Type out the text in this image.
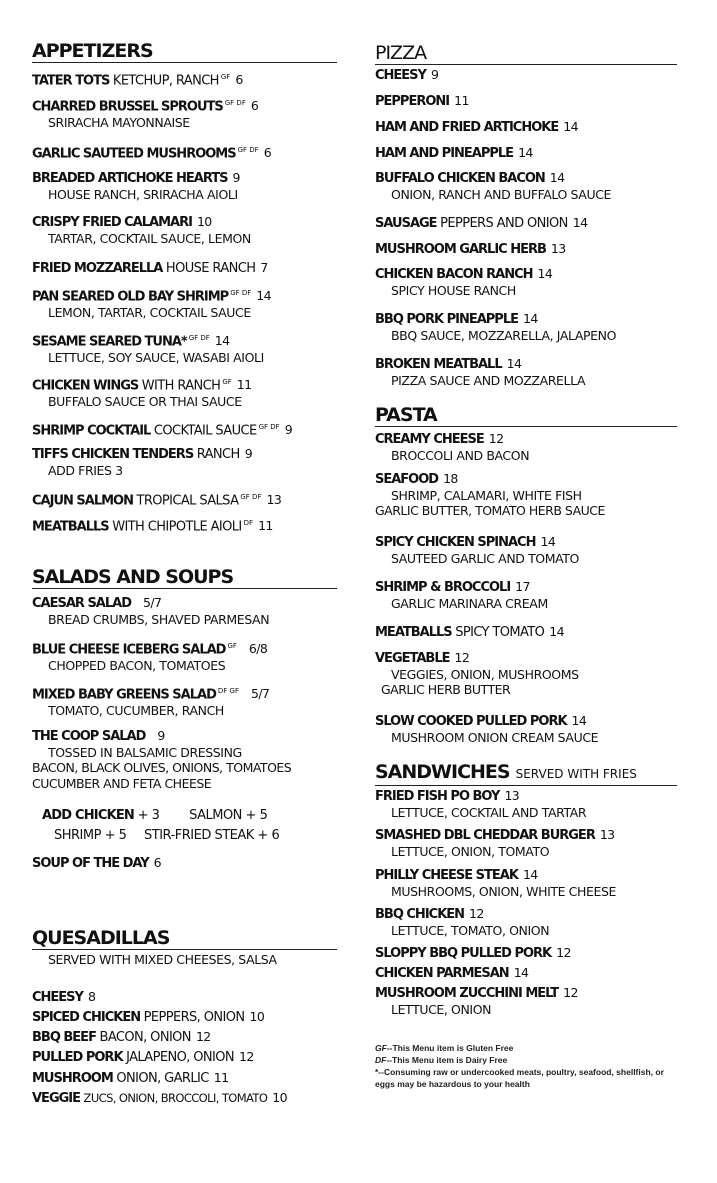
APPETIZERS
TATER TOTS KETCHUP, RANCH $^{GF}$ 6
CHARRED BRUSSEL SPROUTS $^{GF DF}$ 6
SRIRACHA MAYONNAISE
GARLIC SAUTEED MUSHROOMS $^{GF DF}$ 6
BREADED ARTICHOKE HEARTS 9
HOUSE RANCH, SRIRACHA AIOLI
CRISPY FRIED CALAMARI 10
TARTAR, COCKTAIL SAUCE, LEMON
FRIED MOZZARELLA HOUSE RANCH 7
PAN SEARED OLD BAY SHRIMP $^{GF DF}$ 14
LEMON, TARTAR, COCKTAIL SAUCE
SESAME SEARED TUNA* $^{GF DF}$ 14
LETTUCE, SOY SAUCE, WASABI AIOLI
CHICKEN WINGS WITH RANCH $^{GF}$ 11
BUFFALO SAUCE OR THAI SAUCE
SHRIMP COCKTAIL COCKTAIL SAUCE $^{GF DF}$ 9
TIFFS CHICKEN TENDERS RANCH 9
ADD FRIES 3
CAJUN SALMON TROPICAL SALSA $^{GF DF}$ 13
MEATBALLS WITH CHIPOTLE AIOLI $^{DF}$ 11
SALADS AND SOUPS
CAESAR SALAD 5/7
BREAD CRUMBS, SHAVED PARMESAN
BLUE CHEESE ICEBERG SALAD $^{GF}$ 6/8
CHOPPED BACON, TOMATOES
MIXED BABY GREENS SALAD $^{DF GF}$ 5/7
TOMATO, CUCUMBER, RANCH
THE COOP SALAD 9
TOSSED IN BALSAMIC DRESSING
BACON, BLACK OLIVES, ONIONS, TOMATOES
CUCUMBER AND FETA CHEESE
ADD CHICKEN + 3 SALMON + 5
SHRIMP + 5 STIR-FRIED STEAK + 6
SOUP OF THE DAY 6
QUESADILLAS
SERVED WITH MIXED CHEESES, SALSA
CHEESY 8
SPICED CHICKEN PEPPERS, ONION 10
BBQ BEEF BACON, ONION 12
PULLED PORK JALAPENO, ONION 12
MUSHROOM ONION, GARLIC 11
VEGGIE ZUCS, ONION, BROCCOLI, TOMATO 10
PIZZA
CHEESY 9
PEPPERONI 11
HAM AND FRIED ARTICHOKE 14
HAM AND PINEAPPLE 14
BUFFALO CHICKEN BACON 14
ONION, RANCH AND BUFFALO SAUCE
SAUSAGE PEPPERS AND ONION 14
MUSHROOM GARLIC HERB 13
CHICKEN BACON RANCH 14
SPICY HOUSE RANCH
BBQ PORK PINEAPPLE 14
BBQ SAUCE, MOZZARELLA, JALAPENO
BROKEN MEATBALL 14
PIZZA SAUCE AND MOZZARELLA
PASTA
CREAMY CHEESE 12
BROCCOLI AND BACON
SEAFOOD 18
SHRIMP, CALAMARI, WHITE FISH
GARLIC BUTTER, TOMATO HERB SAUCE
SPICY CHICKEN SPINACH 14
SAUTEED GARLIC AND TOMATO
SHRIMP & BROCCOLI 17
GARLIC MARINARA CREAM
MEATBALLS SPICY TOMATO 14
VEGETABLE 12
VEGGIES, ONION, MUSHROOMS
GARLIC HERB BUTTER
SLOW COOKED PULLED PORK 14
MUSHROOM ONION CREAM SAUCE
SANDWICHES SERVED WITH FRIES
FRIED FISH PO BOY 13
LETTUCE, COCKTAIL AND TARTAR
SMASHED DBL CHEDDAR BURGER 13
LETTUCE, ONION, TOMATO
PHILLY CHEESE STEAK 14
MUSHROOMS, ONION, WHITE CHEESE
BBQ CHICKEN 12
LETTUCE, TOMATO, ONION
SLOPPY BBQ PULLED PORK 12
CHICKEN PARMESAN 14
MUSHROOM ZUCCHINI MELT 12
LETTUCE, ONION
GF--This Menu item is Gluten Free
DF--This Menu item is Dairy Free

*--Consuming raw or undercooked meats, poultry, seafood, shellfish, or eggs may be hazardous to your health
